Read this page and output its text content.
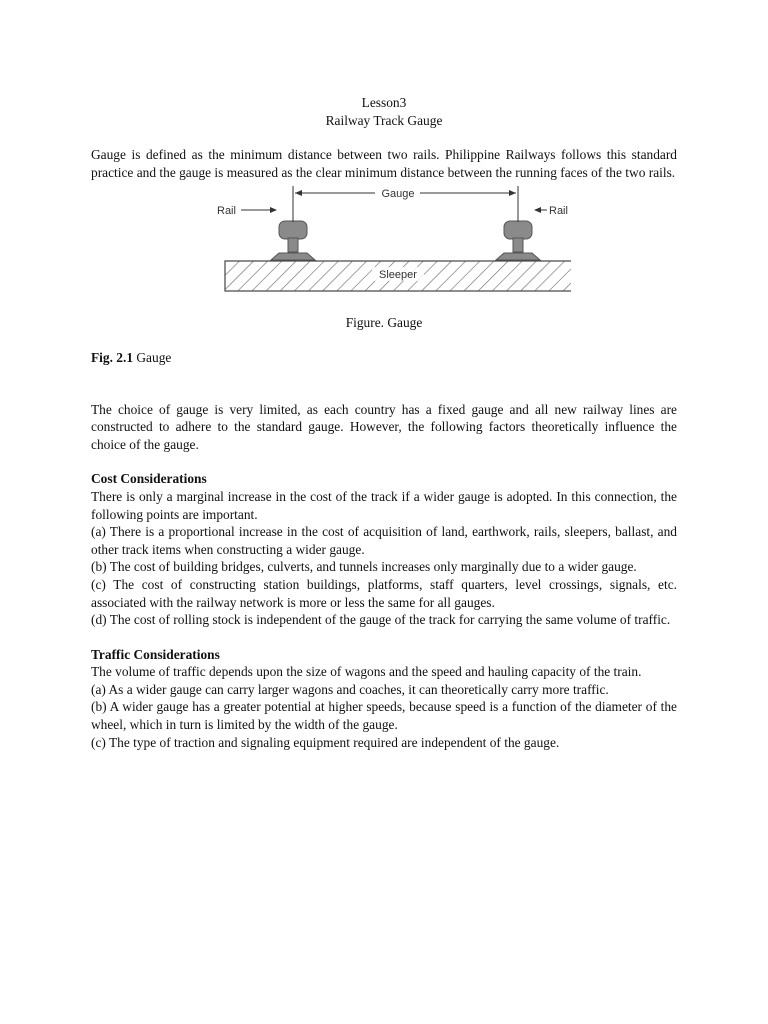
Lesson3

Railway Track Gauge

Gauge is defined as the minimum distance between two rails. Philippine Railways follows this standard practice and the gauge is measured as the clear minimum distance between the running faces of the two rails.

Sleeper
Gauge
Rail	Rail

Figure. Gauge

Fig. 2.1 Gauge

The choice of gauge is very limited, as each country has a fixed gauge and all new railway lines are constructed to adhere to the standard gauge. However, the following factors theoretically influence the choice of the gauge.

Cost Considerations

There is only a marginal increase in the cost of the track if a wider gauge is adopted. In this connection, the following points are important.

(a) There is a proportional increase in the cost of acquisition of land, earthwork, rails, sleepers, ballast, and other track items when constructing a wider gauge.

(b) The cost of building bridges, culverts, and tunnels increases only marginally due to a wider gauge.

(c) The cost of constructing station buildings, platforms, staff quarters, level crossings, signals, etc. associated with the railway network is more or less the same for all gauges.

(d) The cost of rolling stock is independent of the gauge of the track for carrying the same volume of traffic.

Traffic Considerations

The volume of traffic depends upon the size of wagons and the speed and hauling capacity of the train.

(a) As a wider gauge can carry larger wagons and coaches, it can theoretically carry more traffic.

(b) A wider gauge has a greater potential at higher speeds, because speed is a function of the diameter of the wheel, which in turn is limited by the width of the gauge.

(c) The type of traction and signaling equipment required are independent of the gauge.
